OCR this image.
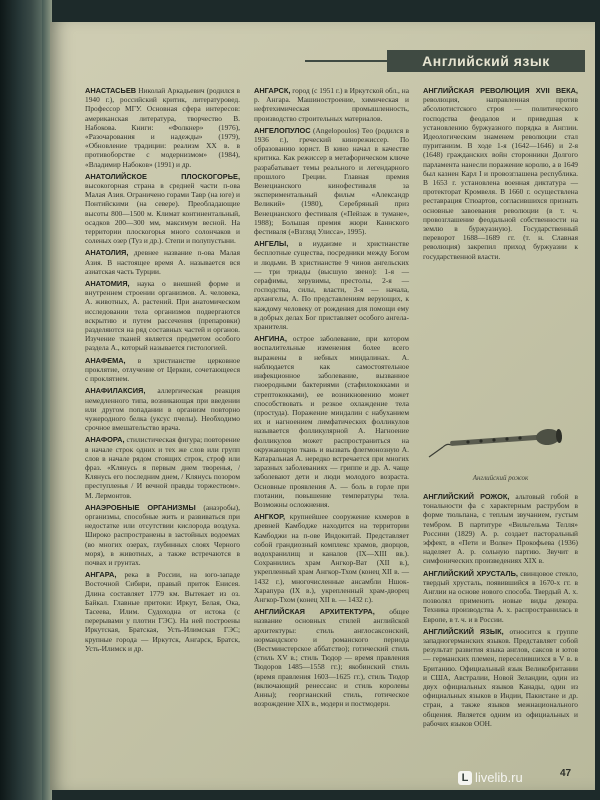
Английский язык
АНАСТАСЬЕВ Николай Аркадьевич (родился в 1940 г.), российский критик, литературовед. Профессор МГУ. Основная сфера интересов: американская литература, творчество В. Набокова. Книги: «Фолкнер» (1976), «Разочарования и надежды» (1979), «Обновление традиции: реализм XX в. в противоборстве с модернизмом» (1984), «Владимир Набоков» (1991) и др.
АНАТОЛИЙСКОЕ ПЛОСКОГОРЬЕ, высокогорная страна в средней части п-ова Малая Азия. Ограничено горами Тавр (на юге) и Понтийскими (на севере). Преобладающие высоты 800—1500 м. Климат континентальный, осадков 200—300 мм, максимум весной. На территории плоскогорья много солончаков и соленых озер (Туз и др.). Степи и полупустыни.
АНАТОЛИЯ, древнее название п-ова Малая Азия. В настоящее время А. называется вся азиатская часть Турции.
АНАТОМИЯ, наука о внешней форме и внутреннем строении организмов. А. человека, А. животных, А. растений. При анатомическом исследовании тела организмов подвергаются вскрытию и путем рассечения (препаровки) разделяются на ряд составных частей и органов. Изучение тканей является предметом особого раздела А., который называется гистологией.
АНАФЕМА, в христианстве церковное проклятие, отлучение от Церкви, сочетающееся с проклятием.
АНАФИЛАКСИЯ, аллергическая реакция немедленного типа, возникающая при введении или другом попадании в организм повторно чужеродного белка (уксус пчелы). Необходимо срочное вмешательство врача.
АНАФОРА, стилистическая фигура; повторение в начале строк одних и тех же слов или групп слов в начале рядом стоящих строк, строф или фраз. «Клянусь я первым днем творенья, /Клянусь его последним днем, / Клянусь позором преступленья / И вечной правды торжеством». М. Лермонтов.
АНАЭРОБНЫЕ ОРГАНИЗМЫ (анаэробы), организмы, способные жить и развиваться при недостатке или отсутствии кислорода воздуха. Широко распространены в застойных водоемах (во многих озерах, глубинных слоях Черного моря), в животных, а также встречаются в почвах и грунтах.
АНГАРА, река в России, на юго-западе Восточной Сибири, правый приток Енисея. Длина составляет 1779 км. Вытекает из оз. Байкал. Главные притоки: Иркут, Белая, Ока, Тасеева, Илим. Судоходна от истока (с перерывами у плотин ГЭС). На ней построены Иркутская, Братская, Усть-Илимская ГЭС; крупные города — Иркутск, Ангарск, Братск, Усть-Илимск и др.
АНГАРСК, город (с 1951 г.) в Иркутской обл., на р. Ангара. Машиностроение, химическая и нефтехимическая промышленность, производство строительных материалов.
АНГЕЛОПУЛОС (Angelopoulos) Тео (родился в 1936 г.), греческий кинорежиссер. По образованию юрист. В кино начал в качестве критика. Как режиссер в метафорическом ключе разрабатывает темы реального и легендарного прошлого Греции. Главная премия Венецианского кинофестиваля за экспериментальный фильм «Александр Великий» (1980), Серебряный приз Венецианского фестиваля («Пейзаж в тумане», 1988); Большая премия жюри Каннского фестиваля («Взгляд Улисса», 1995).
АНГЕЛЫ, в иудаизме и христианстве бесплотные существа, посредники между Богом и людьми. В христианстве 9 чинов ангельских — три триады (высшую звено): 1-я — серафимы, херувимы, престолы, 2-я — господства, силы, власти, 3-я — начала, архангелы, А. По представлениям верующих, к каждому человеку от рождения для помощи ему в добрых делах Бог приставляет особого ангела-хранителя.
АНГИНА, острое заболевание, при котором воспалительные изменения более всего выражены в небных миндалинах. А. наблюдается как самостоятельное инфекционное заболевание, вызванное гноеродными бактериями (стафилококками и стрептококками), ее возникновению может способствовать и резкое охлаждение тела (простуда). Поражение миндалин с набуханием их и нагноением лимфатических фолликулов называется фолликулярной А. Нагноение фолликулов может распространиться на окружающую ткань и вызвать флегмонозную А. Катаральная А. нередко встречается при многих заразных заболеваниях — гриппе и др. А. чаще заболевают дети и люди молодого возраста. Основные проявления А. — боль в горле при глотании, повышение температуры тела. Возможны осложнения.
АНГКОР, крупнейшее сооружение кхмеров в древней Камбодже находится на территории Камбоджи на п-ове Индокитай. Представляет собой грандиозный комплекс храмов, дворцов, водохранилищ и каналов (IX—XIII вв.). Сохранились храм Ангкор-Ват (XII в.), укрепленный храм Ангкор-Тхом (конец XII в. — 1432 г.), многочисленные ансамбли Ншок-Харапура (IX в.), укрепленный храм-дворец Ангкор-Тхом (конец XII в. — 1432 г.).
АНГЛИЙСКАЯ АРХИТЕКТУРА, общее название основных стилей английской архитектуры: стиль англосаксонский, нормандского и романского периода (Вестминстерское аббатство); готический стиль (стиль XV в.; стиль Тюдор — время правления Тюдоров 1485—1558 гг.); якобинский стиль (время правления 1603—1625 гг.), стиль Тюдор (включающий ренессанс и стиль королевы Анны); георгианский стиль, готическое возрождение XIX в., модерн и постмодерн.
АНГЛИЙСКАЯ РЕВОЛЮЦИЯ XVII ВЕКА, революция, направленная против абсолютистского строя — политического господства феодалов и приведшая к установлению буржуазного порядка в Англии. Идеологическим знаменем революции стал пуританизм. В ходе 1-я (1642—1646) и 2-я (1648) гражданских войн сторонники Долгого парламента нанесли поражение королю, а в 1649 был казнен Карл I и провозглашена республика. В 1653 г. установлена военная диктатура — протекторат Кромвеля. В 1660 г. осуществлена реставрация Стюартов, согласившихся признать основные завоевания революции (в т. ч. провозглашение феодальной собственности на землю в буржуазную). Государственный переворот 1688—1689 гг. (т. н. Славная революция) закрепил приход буржуазии к государственной власти.
Английский рожок
АНГЛИЙСКИЙ РОЖОК, альтовый гобой в тональности фа с характерным раструбом в форме тюльпана, с теплым звучанием, густым тембром. В партитуре «Вильгельма Телля» Россини (1829) А. р. создает пасторальный эффект, в «Пети и Волке» Прокофьева (1936) наделяет А. р. сольную партию. Звучит в симфонических произведениях XIX в.
АНГЛИЙСКИЙ ХРУСТАЛЬ, свинцовое стекло, твердый хрусталь, появившийся в 1670-х гг. в Англии на основе нового способа. Твердый А. х. позволял применить новые виды декора. Техника производства А. х. распространилась в Европе, в т. ч. и в России.
АНГЛИЙСКИЙ ЯЗЫК, относится к группе западногерманских языков. Представляет собой результат развития языка англов, саксов и ютов — германских племен, переселившихся в V в. в Британию. Официальный язык Великобритании и США, Австралии, Новой Зеландии, один из двух официальных языков Канады, один из официальных языков в Индии, Пакистане и др. стран, а также языков межнационального общения. Является одним из официальных и рабочих языков ООН.
47
L livelib.ru
